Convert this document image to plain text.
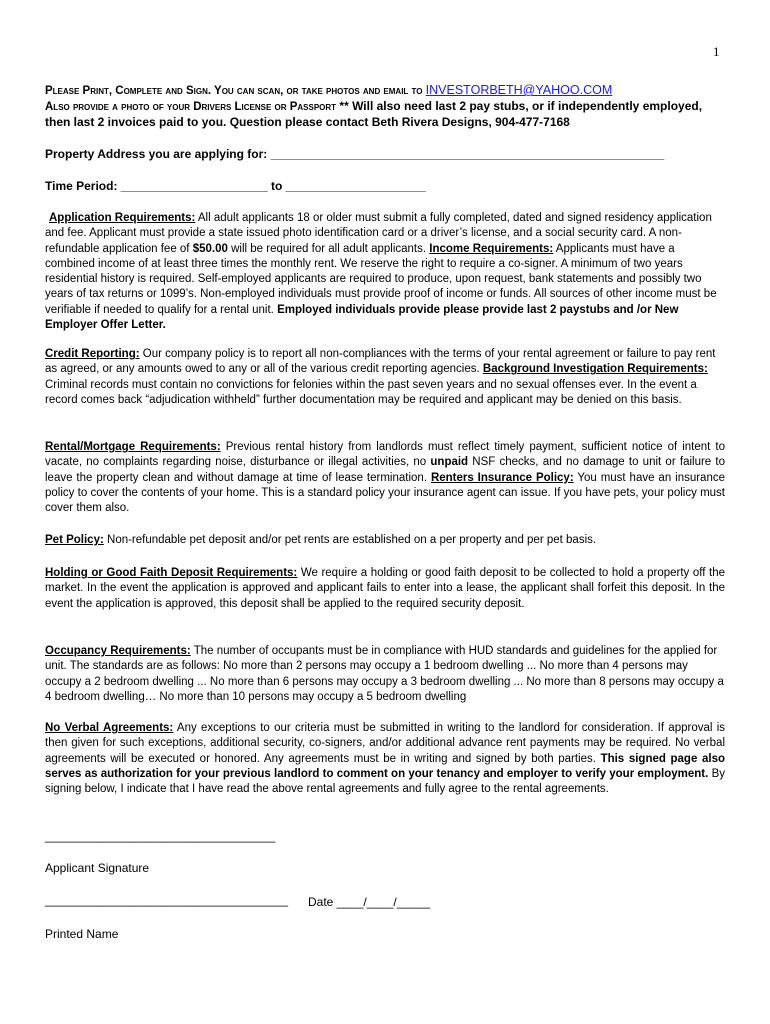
1
Please Print, Complete and Sign. You can scan, or take photos and email to INVESTORBETH@YAHOO.COM
Also provide a photo of your Drivers License or Passport ** Will also need last 2 pay stubs, or if independently employed, then last 2 invoices paid to you. Question please contact Beth Rivera Designs, 904-477-7168
Property Address you are applying for: ___________________________________________________________
Time Period: ______________________ to _____________________
Application Requirements: All adult applicants 18 or older must submit a fully completed, dated and signed residency application and fee. Applicant must provide a state issued photo identification card or a driver’s license, and a social security card. A non-refundable application fee of $50.00 will be required for all adult applicants. Income Requirements: Applicants must have a combined income of at least three times the monthly rent. We reserve the right to require a co-signer. A minimum of two years residential history is required. Self-employed applicants are required to produce, upon request, bank statements and possibly two years of tax returns or 1099’s. Non-employed individuals must provide proof of income or funds. All sources of other income must be verifiable if needed to qualify for a rental unit. Employed individuals provide please provide last 2 paystubs and /or New Employer Offer Letter.
Credit Reporting: Our company policy is to report all non-compliances with the terms of your rental agreement or failure to pay rent as agreed, or any amounts owed to any or all of the various credit reporting agencies. Background Investigation Requirements: Criminal records must contain no convictions for felonies within the past seven years and no sexual offenses ever. In the event a record comes back “adjudication withheld” further documentation may be required and applicant may be denied on this basis.
Rental/Mortgage Requirements: Previous rental history from landlords must reflect timely payment, sufficient notice of intent to vacate, no complaints regarding noise, disturbance or illegal activities, no unpaid NSF checks, and no damage to unit or failure to leave the property clean and without damage at time of lease termination. Renters Insurance Policy: You must have an insurance policy to cover the contents of your home. This is a standard policy your insurance agent can issue. If you have pets, your policy must cover them also.
Pet Policy: Non-refundable pet deposit and/or pet rents are established on a per property and per pet basis.
Holding or Good Faith Deposit Requirements: We require a holding or good faith deposit to be collected to hold a property off the market. In the event the application is approved and applicant fails to enter into a lease, the applicant shall forfeit this deposit. In the event the application is approved, this deposit shall be applied to the required security deposit.
Occupancy Requirements: The number of occupants must be in compliance with HUD standards and guidelines for the applied for unit. The standards are as follows: No more than 2 persons may occupy a 1 bedroom dwelling ... No more than 4 persons may occupy a 2 bedroom dwelling ... No more than 6 persons may occupy a 3 bedroom dwelling ... No more than 8 persons may occupy a 4 bedroom dwelling… No more than 10 persons may occupy a 5 bedroom dwelling
No Verbal Agreements: Any exceptions to our criteria must be submitted in writing to the landlord for consideration. If approval is then given for such exceptions, additional security, co-signers, and/or additional advance rent payments may be required. No verbal agreements will be executed or honored. Any agreements must be in writing and signed by both parties. This signed page also serves as authorization for your previous landlord to comment on your tenancy and employer to verify your employment. By signing below, I indicate that I have read the above rental agreements and fully agree to the rental agreements.
____________________________________
Applicant Signature
______________________________________ Date ____/____/_____
Printed Name
